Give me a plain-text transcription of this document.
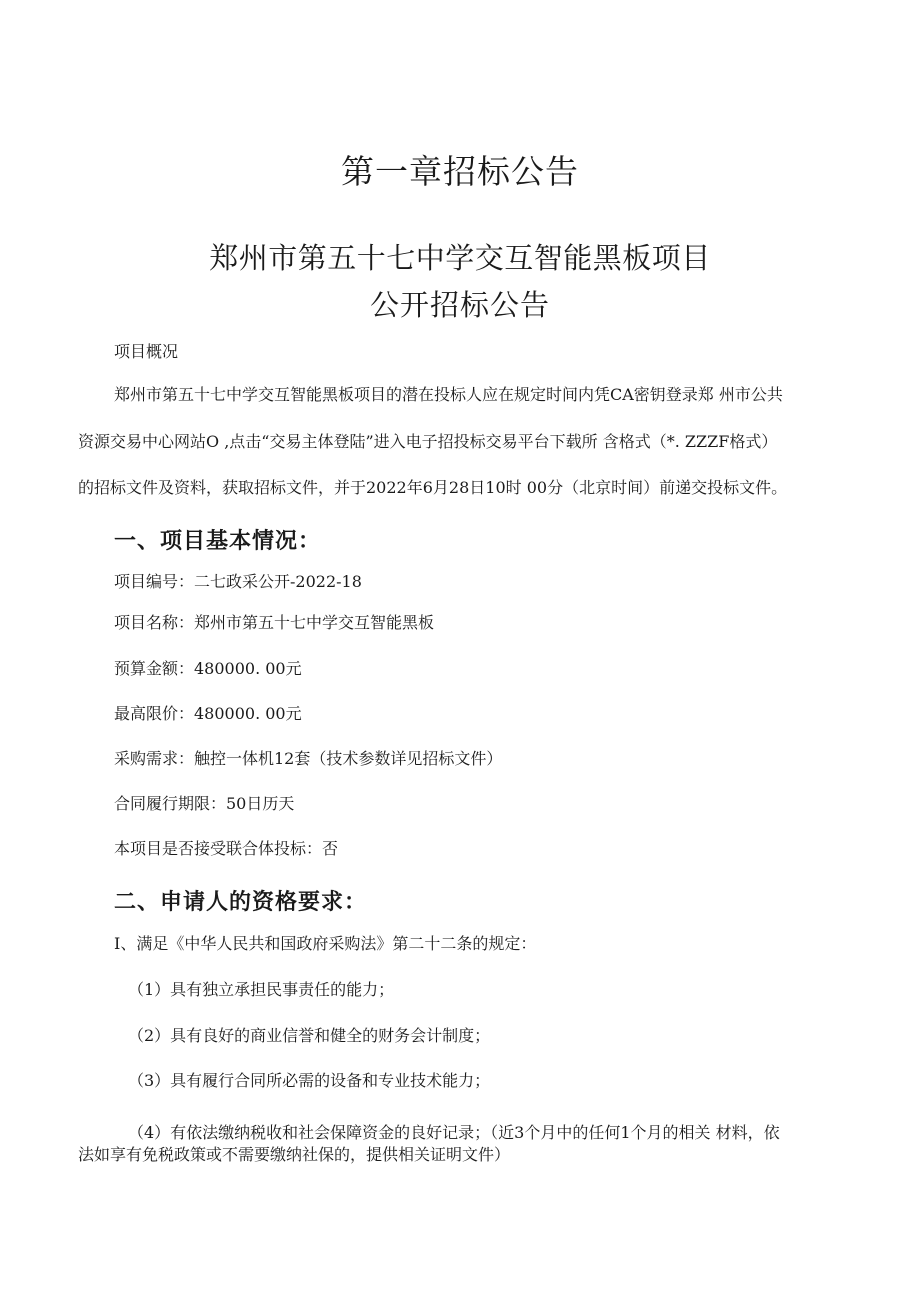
第一章招标公告
郑州市第五十七中学交互智能黑板项目
公开招标公告
项目概况
郑州市第五十七中学交互智能黑板项目的潜在投标人应在规定时间内凭CA密钥登录郑 州市公共
资源交易中心网站O ,点击“交易主体登陆”进入电子招投标交易平台下载所 含格式（*. ZZZF格式）
的招标文件及资料，获取招标文件，并于2022年6月28日10时 00分（北京时间）前递交投标文件。
一、项目基本情况：
项目编号：二七政采公开-2022-18
项目名称：郑州市第五十七中学交互智能黑板
预算金额：480000. 00元
最高限价：480000. 00元
采购需求：触控一体机12套（技术参数详见招标文件）
合同履行期限：50日历天
本项目是否接受联合体投标：否
二、申请人的资格要求：
I、满足《中华人民共和国政府采购法》第二十二条的规定：
（1）具有独立承担民事责任的能力；
（2）具有良好的商业信誉和健全的财务会计制度；
（3）具有履行合同所必需的设备和专业技术能力；
（4）有依法缴纳税收和社会保障资金的良好记录；（近3个月中的任何1个月的相关 材料，依
法如享有免税政策或不需要缴纳社保的，提供相关证明文件）
